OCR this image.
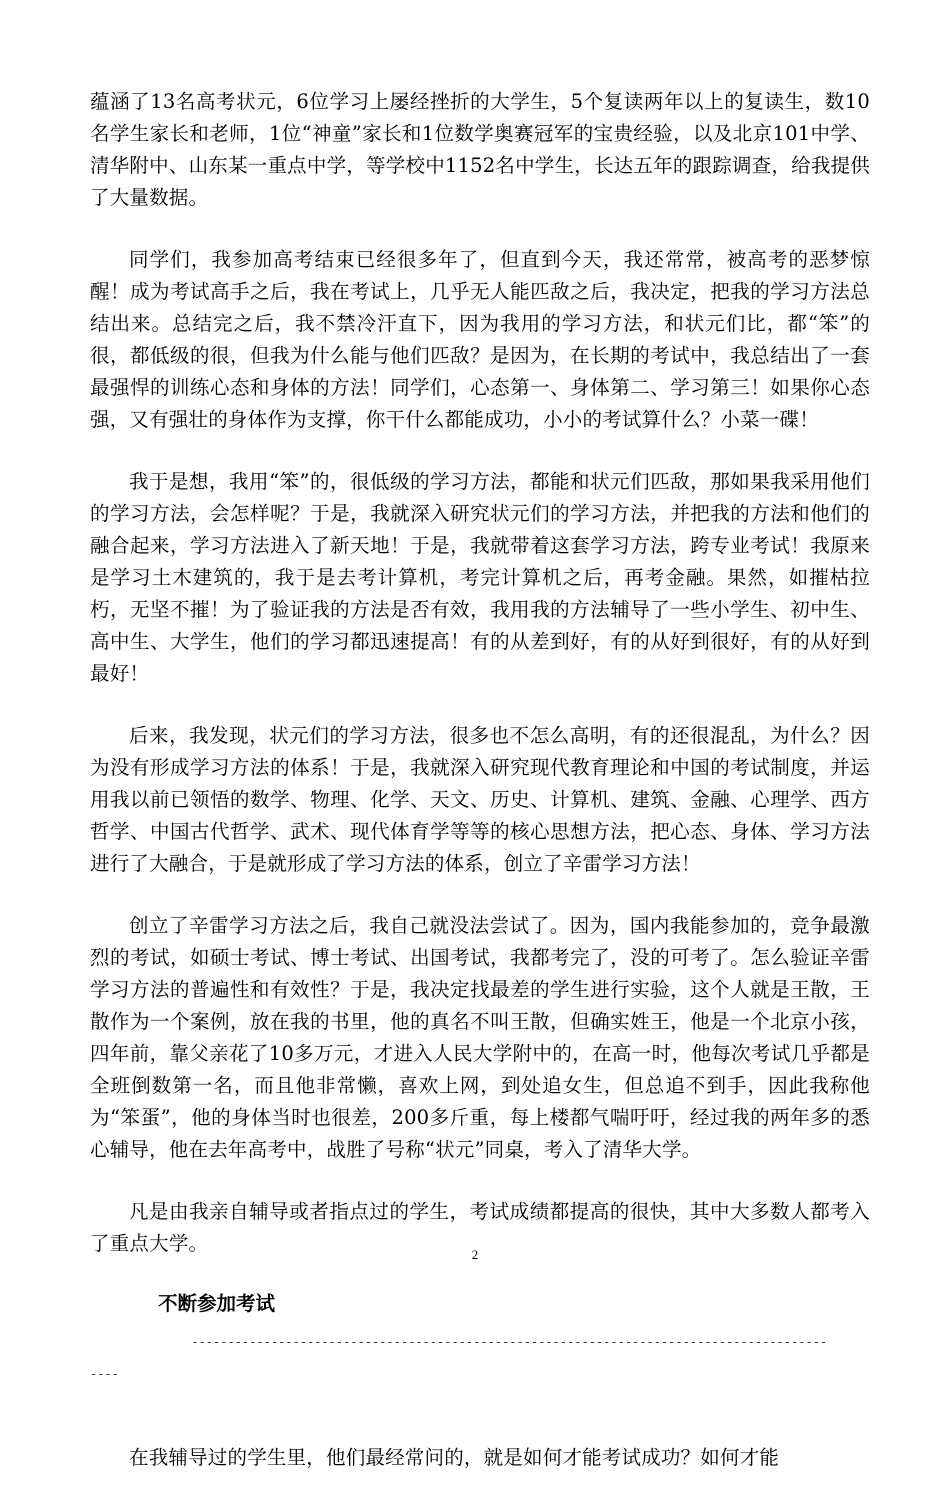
蕴涵了13名高考状元，6位学习上屡经挫折的大学生，5个复读两年以上的复读生，数10名学生家长和老师，1位“神童”家长和1位数学奥赛冠军的宝贵经验，以及北京101中学、清华附中、山东某一重点中学，等学校中1152名中学生，长达五年的跟踪调查，给我提供了大量数据。

同学们，我参加高考结束已经很多年了，但直到今天，我还常常，被高考的恶梦惊醒！成为考试高手之后，我在考试上，几乎无人能匹敌之后，我决定，把我的学习方法总结出来。总结完之后，我不禁冷汗直下，因为我用的学习方法，和状元们比，都“笨”的很，都低级的很，但我为什么能与他们匹敌？是因为，在长期的考试中，我总结出了一套最强悍的训练心态和身体的方法！同学们，心态第一、身体第二、学习第三！如果你心态强，又有强壮的身体作为支撑，你干什么都能成功，小小的考试算什么？小菜一碟！

我于是想，我用“笨”的，很低级的学习方法，都能和状元们匹敌，那如果我采用他们的学习方法，会怎样呢？于是，我就深入研究状元们的学习方法，并把我的方法和他们的融合起来，学习方法进入了新天地！于是，我就带着这套学习方法，跨专业考试！我原来是学习土木建筑的，我于是去考计算机，考完计算机之后，再考金融。果然，如摧枯拉朽，无坚不摧！为了验证我的方法是否有效，我用我的方法辅导了一些小学生、初中生、高中生、大学生，他们的学习都迅速提高！有的从差到好，有的从好到很好，有的从好到最好！

后来，我发现，状元们的学习方法，很多也不怎么高明，有的还很混乱，为什么？因为没有形成学习方法的体系！于是，我就深入研究现代教育理论和中国的考试制度，并运用我以前已领悟的数学、物理、化学、天文、历史、计算机、建筑、金融、心理学、西方哲学、中国古代哲学、武术、现代体育学等等的核心思想方法，把心态、身体、学习方法进行了大融合，于是就形成了学习方法的体系，创立了辛雷学习方法！

创立了辛雷学习方法之后，我自己就没法尝试了。因为，国内我能参加的，竞争最激烈的考试，如硕士考试、博士考试、出国考试，我都考完了，没的可考了。怎么验证辛雷学习方法的普遍性和有效性？于是，我决定找最差的学生进行实验，这个人就是王散，王散作为一个案例，放在我的书里，他的真名不叫王散，但确实姓王，他是一个北京小孩，四年前，靠父亲花了10多万元，才进入人民大学附中的，在高一时，他每次考试几乎都是全班倒数第一名，而且他非常懒，喜欢上网，到处追女生，但总追不到手，因此我称他为“笨蛋”，他的身体当时也很差，200多斤重，每上楼都气喘吁吁，经过我的两年多的悉心辅导，他在去年高考中，战胜了号称“状元”同桌，考入了清华大学。

凡是由我亲自辅导或者指点过的学生，考试成绩都提高的很快，其中大多数人都考入了重点大学。

不断参加考试

----------------------------------------------------------------------------------------

----

在我辅导过的学生里，他们最经常问的，就是如何才能考试成功？如何才能

2
